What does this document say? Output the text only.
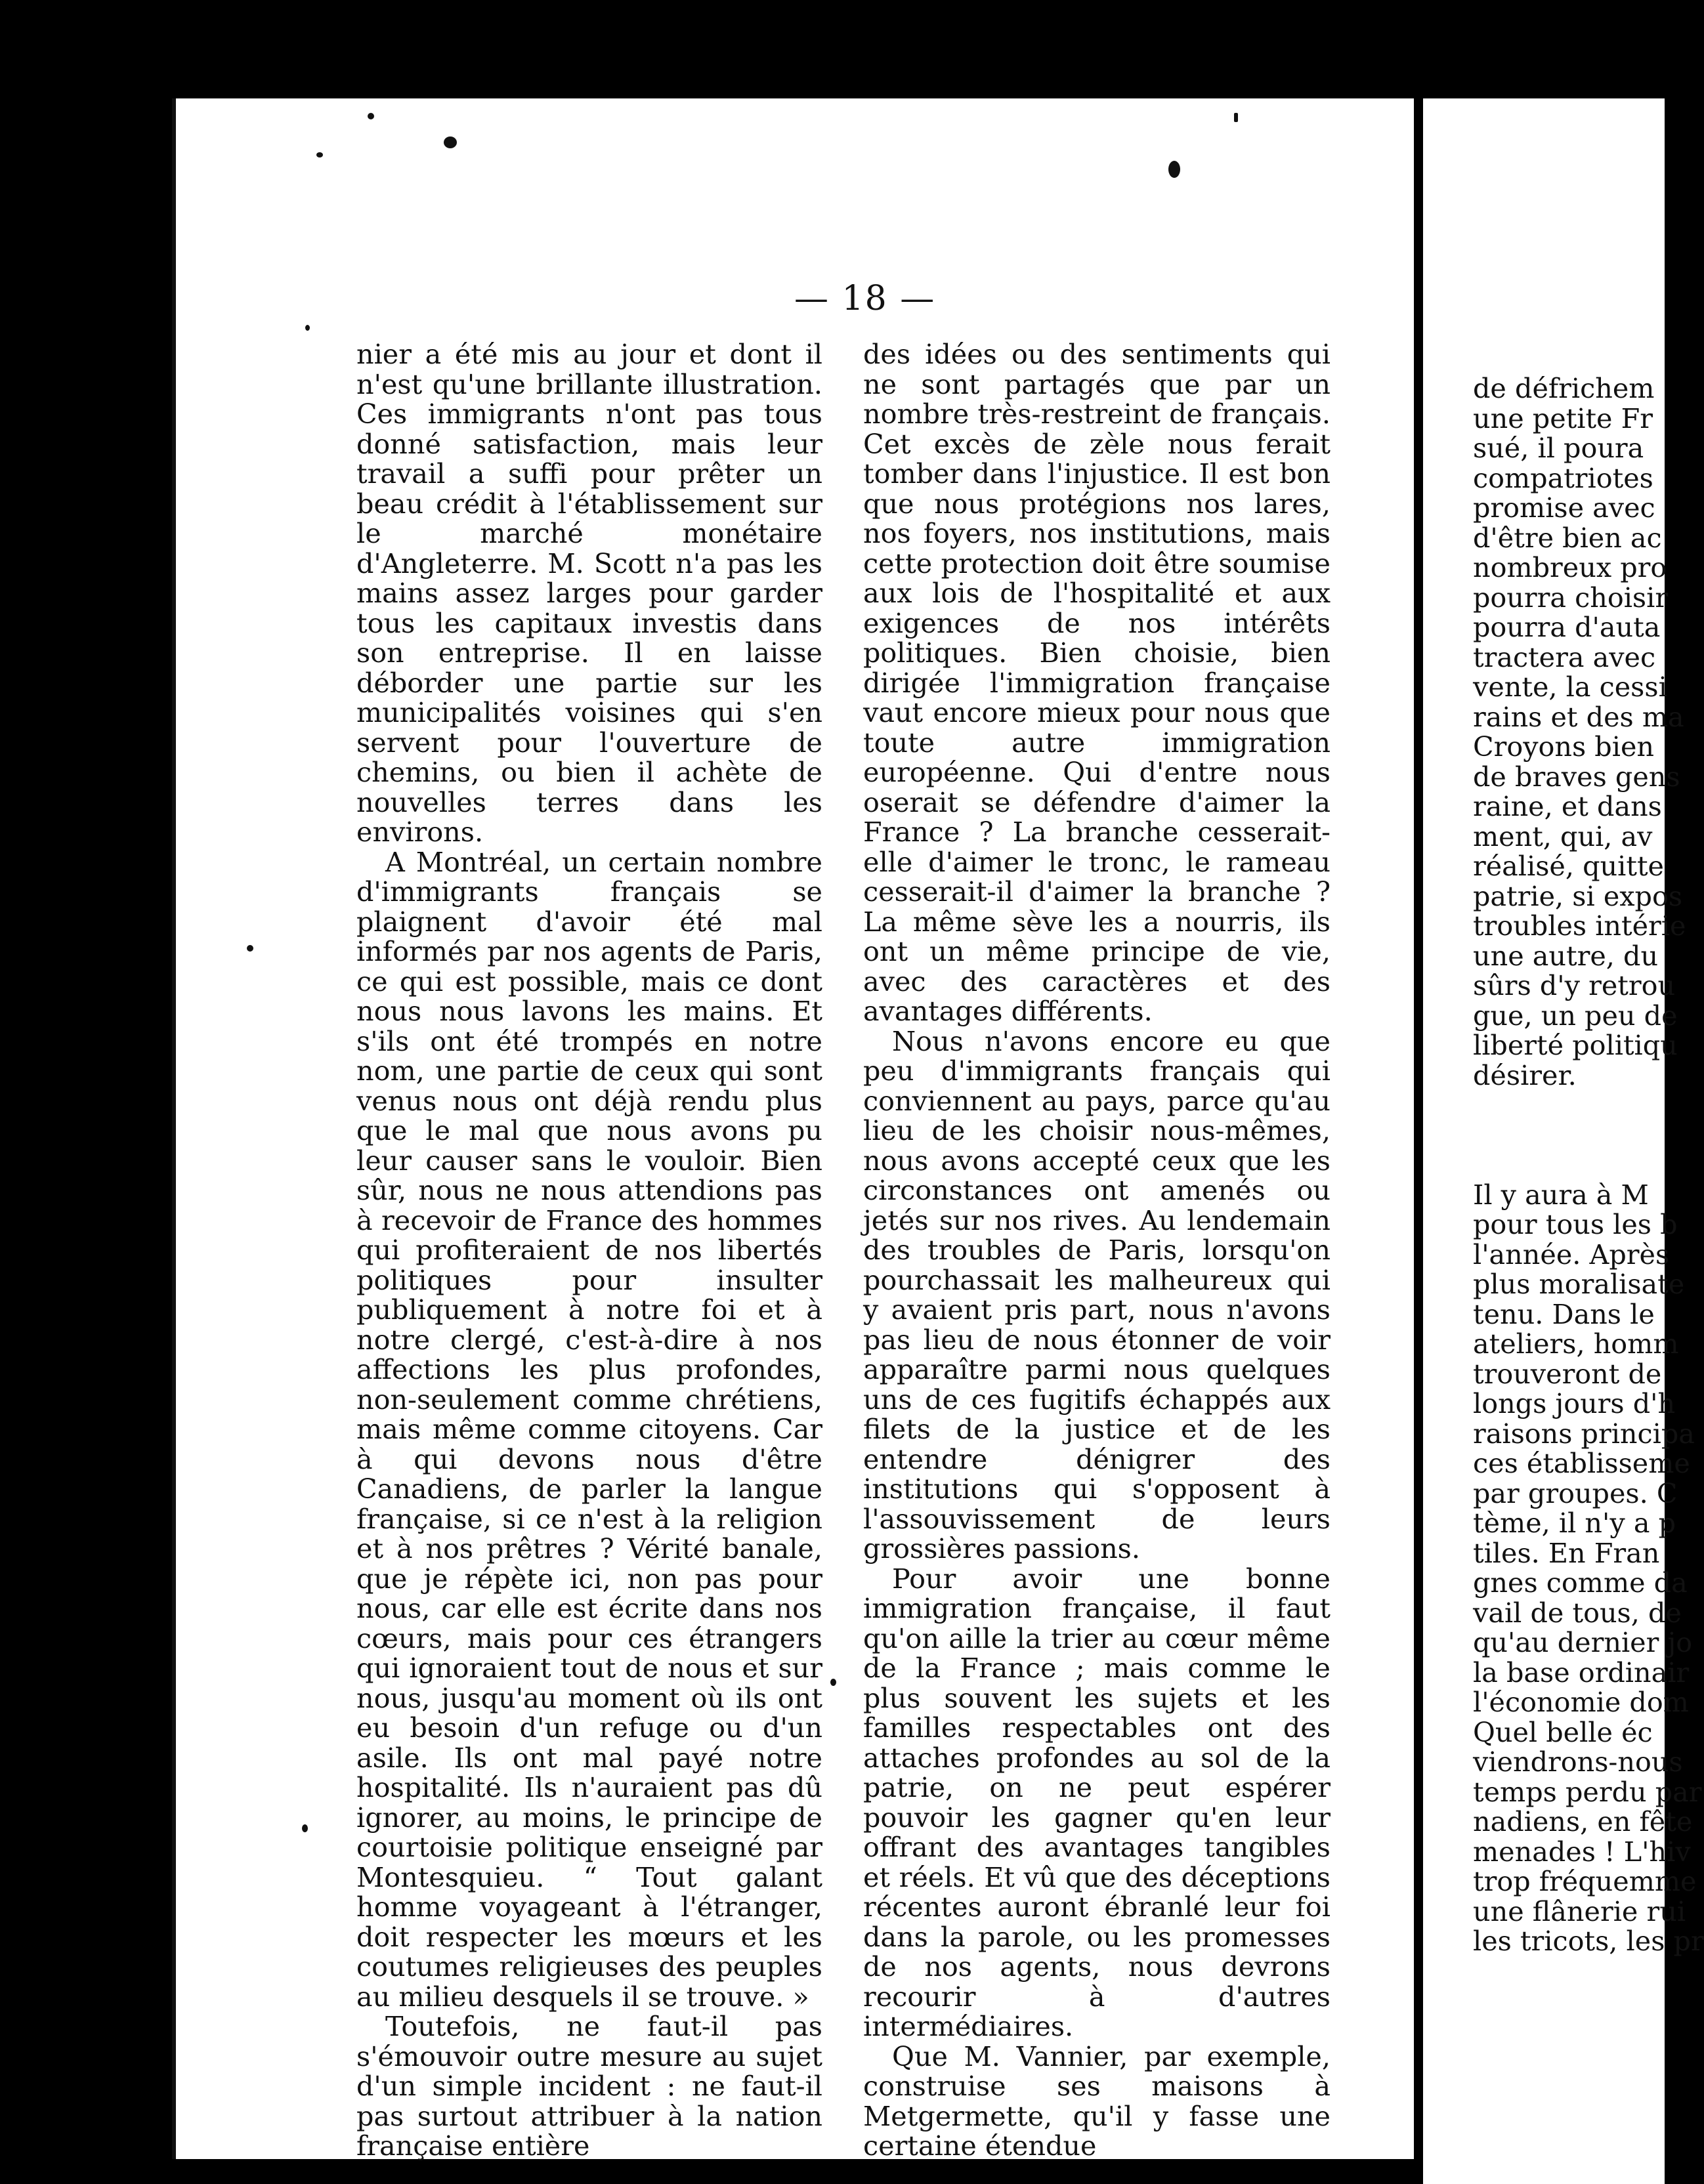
— 18 —

nier a été mis au jour et dont il n'est qu'une brillante illustration. Ces immigrants n'ont pas tous donné satisfaction, mais leur travail a suffi pour prêter un beau crédit à l'établissement sur le marché monétaire d'Angleterre. M. Scott n'a pas les mains assez larges pour garder tous les capitaux investis dans son entreprise. Il en laisse déborder une partie sur les municipalités voisines qui s'en servent pour l'ouverture de chemins, ou bien il achète de nouvelles terres dans les environs.

A Montréal, un certain nombre d'immigrants français se plaignent d'avoir été mal informés par nos agents de Paris, ce qui est possible, mais ce dont nous nous lavons les mains. Et s'ils ont été trompés en notre nom, une partie de ceux qui sont venus nous ont déjà rendu plus que le mal que nous avons pu leur causer sans le vouloir. Bien sûr, nous ne nous attendions pas à recevoir de France des hommes qui profiteraient de nos libertés politiques pour insulter publiquement à notre foi et à notre clergé, c'est-à-dire à nos affections les plus profondes, non-seulement comme chrétiens, mais même comme citoyens. Car à qui devons nous d'être Canadiens, de parler la langue française, si ce n'est à la religion et à nos prêtres ? Vérité banale, que je répète ici, non pas pour nous, car elle est écrite dans nos cœurs, mais pour ces étrangers qui ignoraient tout de nous et sur nous, jusqu'au moment où ils ont eu besoin d'un refuge ou d'un asile. Ils ont mal payé notre hospitalité. Ils n'auraient pas dû ignorer, au moins, le principe de courtoisie politique enseigné par Montesquieu. “ Tout galant homme voyageant à l'étranger, doit respecter les mœurs et les coutumes religieuses des peuples au milieu desquels il se trouve. »

Toutefois, ne faut-il pas s'émouvoir outre mesure au sujet d'un simple incident : ne faut-il pas surtout attribuer à la nation française entière

des idées ou des sentiments qui ne sont partagés que par un nombre très-restreint de français. Cet excès de zèle nous ferait tomber dans l'injustice. Il est bon que nous protégions nos lares, nos foyers, nos institutions, mais cette protection doit être soumise aux lois de l'hospitalité et aux exigences de nos intérêts politiques. Bien choisie, bien dirigée l'immigration française vaut encore mieux pour nous que toute autre immigration européenne. Qui d'entre nous oserait se défendre d'aimer la France ? La branche cesserait-elle d'aimer le tronc, le rameau cesserait-il d'aimer la branche ? La même sève les a nourris, ils ont un même principe de vie, avec des caractères et des avantages différents.

Nous n'avons encore eu que peu d'immigrants français qui conviennent au pays, parce qu'au lieu de les choisir nous-mêmes, nous avons accepté ceux que les circonstances ont amenés ou jetés sur nos rives. Au lendemain des troubles de Paris, lorsqu'on pourchassait les malheureux qui y avaient pris part, nous n'avons pas lieu de nous étonner de voir apparaître parmi nous quelques uns de ces fugitifs échappés aux filets de la justice et de les entendre dénigrer des institutions qui s'opposent à l'assouvissement de leurs grossières passions.

Pour avoir une bonne immigration française, il faut qu'on aille la trier au cœur même de la France ; mais comme le plus souvent les sujets et les familles respectables ont des attaches profondes au sol de la patrie, on ne peut espérer pouvoir les gagner qu'en leur offrant des avantages tangibles et réels. Et vû que des déceptions récentes auront ébranlé leur foi dans la parole, ou les promesses de nos agents, nous devrons recourir à d'autres intermédiaires.

Que M. Vannier, par exemple, construise ses maisons à Metgermette, qu'il y fasse une certaine étendue

de défrichem
une petite Fr
sué, il poura
compatriotes
promise avec
d'être bien ac
nombreux pro
pourra choisir
pourra d'auta
tractera avec
vente, la cessi
rains et des ma
Croyons bien
de braves gens
raine, et dans
ment, qui, av
réalisé, quitte
patrie, si expos
troubles intérie
une autre, du
sûrs d'y retrou
gue, un peu de
liberté politiqu
désirer.

Il y aura à M
pour tous les b
l'année. Après
plus moralisate
tenu. Dans le
ateliers, homm
trouveront de
longs jours d'h
raisons principa
ces établisseme
par groupes. C
tème, il n'y a p
tiles. En Fran
gnes comme da
vail de tous, de
qu'au dernier jo
la base ordinair
l'économie dom
Quel belle éc
viendrons-nous
temps perdu par
nadiens, en fête
menades ! L'hiv
trop fréquemme
une flânerie rui
les tricots, les pr
